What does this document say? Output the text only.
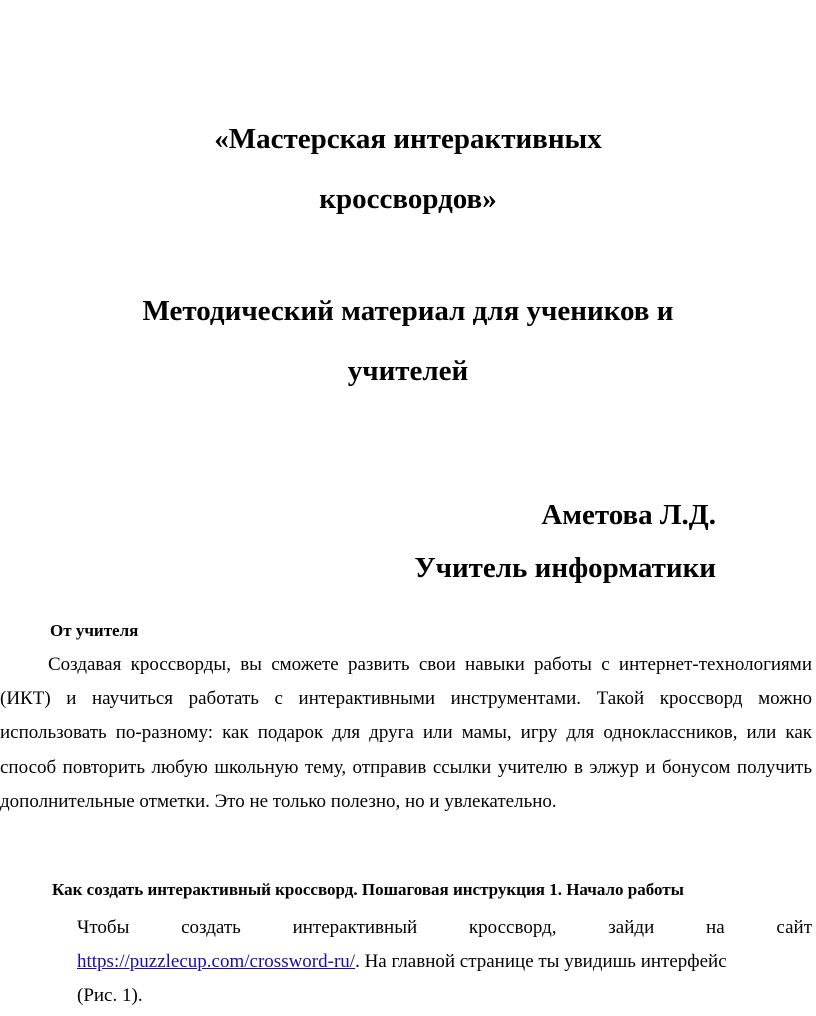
«Мастерская интерактивных
кроссвордов»
Методический материал для учеников и
учителей
Аметова Л.Д.
Учитель информатики
От учителя

Создавая кроссворды, вы сможете развить свои навыки работы с интернет-технологиями (ИКТ) и научиться работать с интерактивными инструментами. Такой кроссворд можно использовать по-разному: как подарок для друга или мамы, игру для одноклассников, или как способ повторить любую школьную тему, отправив ссылки учителю в элжур и бонусом получить дополнительные отметки. Это не только полезно, но и увлекательно.

Как создать интерактивный кроссворд. Пошаговая инструкция 1. Начало работы
Чтобы создать интерактивный кроссворд, зайди на сайт
https://puzzlecup.com/crossword-ru/. На главной странице ты увидишь интерфейс
(Рис. 1).
